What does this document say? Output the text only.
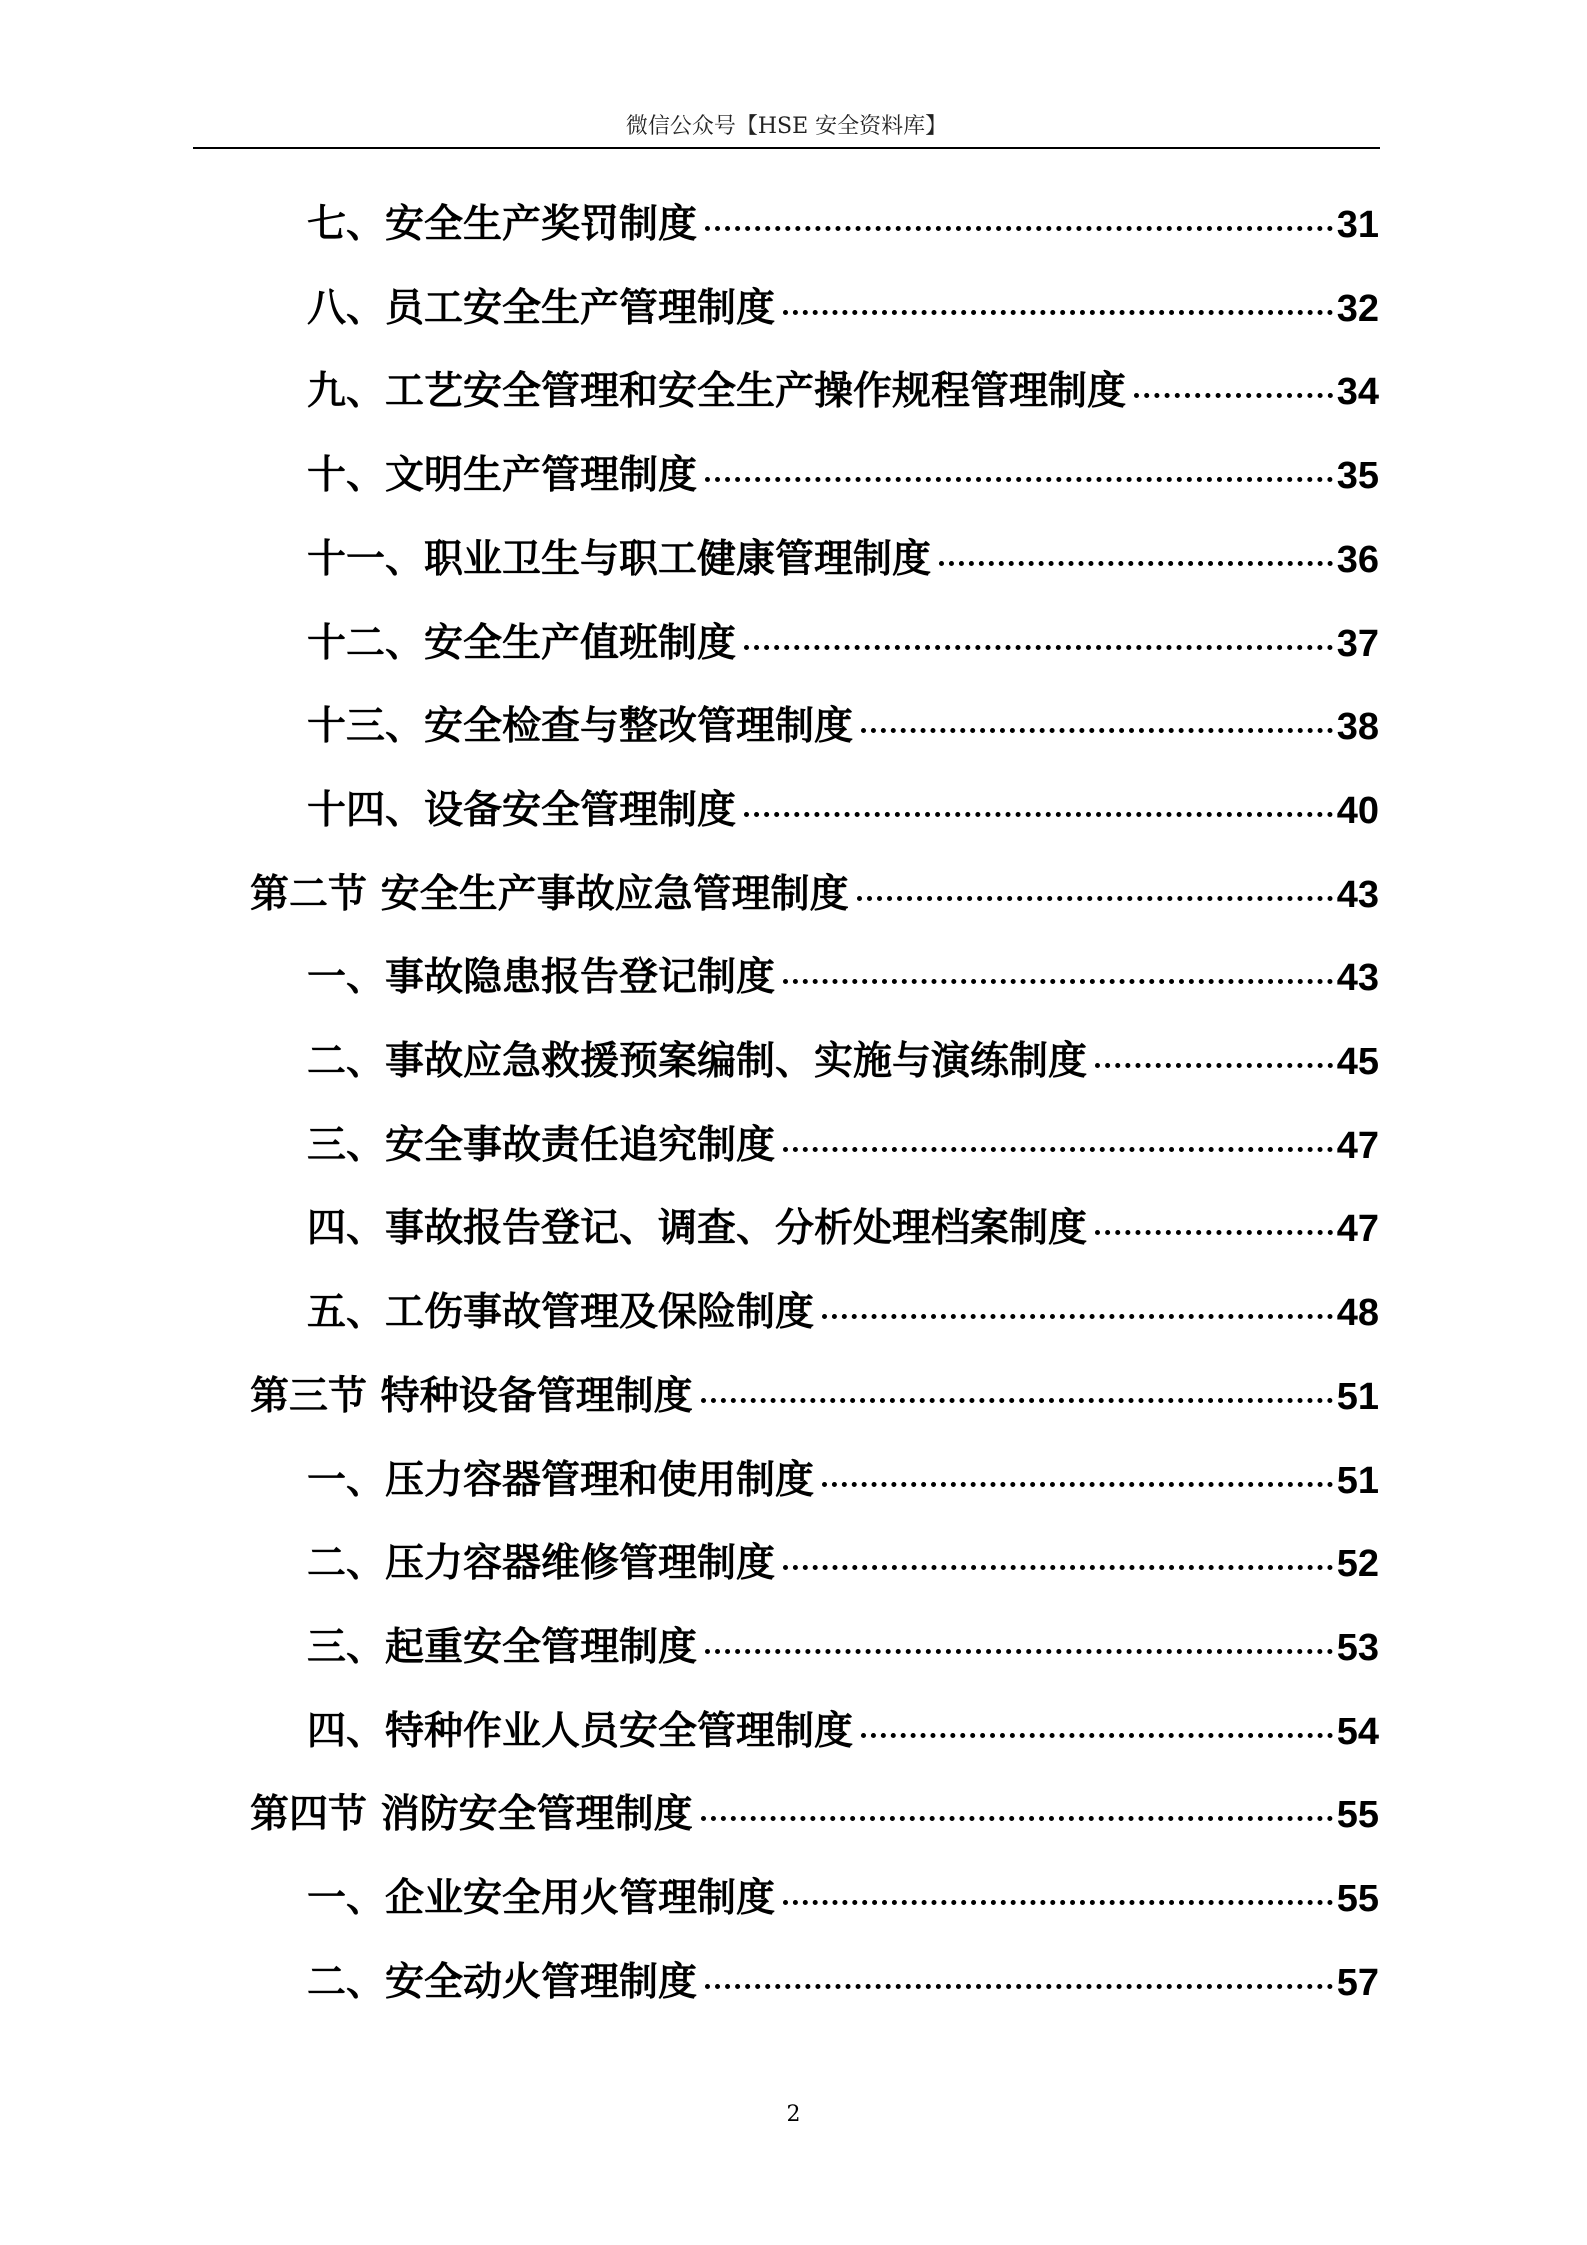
微信公众号【HSE 安全资料库】
七、安全生产奖罚制度	31
八、员工安全生产管理制度	32
九、工艺安全管理和安全生产操作规程管理制度	34
十、文明生产管理制度	35
十一、职业卫生与职工健康管理制度	36
十二、安全生产值班制度	37
十三、安全检查与整改管理制度	38
十四、设备安全管理制度	40
第二节 安全生产事故应急管理制度	43
一、事故隐患报告登记制度	43
二、事故应急救援预案编制、实施与演练制度	45
三、安全事故责任追究制度	47
四、事故报告登记、调查、分析处理档案制度	47
五、工伤事故管理及保险制度	48
第三节 特种设备管理制度	51
一、压力容器管理和使用制度	51
二、压力容器维修管理制度	52
三、起重安全管理制度	53
四、特种作业人员安全管理制度	54
第四节 消防安全管理制度	55
一、企业安全用火管理制度	55
二、安全动火管理制度	57
2
